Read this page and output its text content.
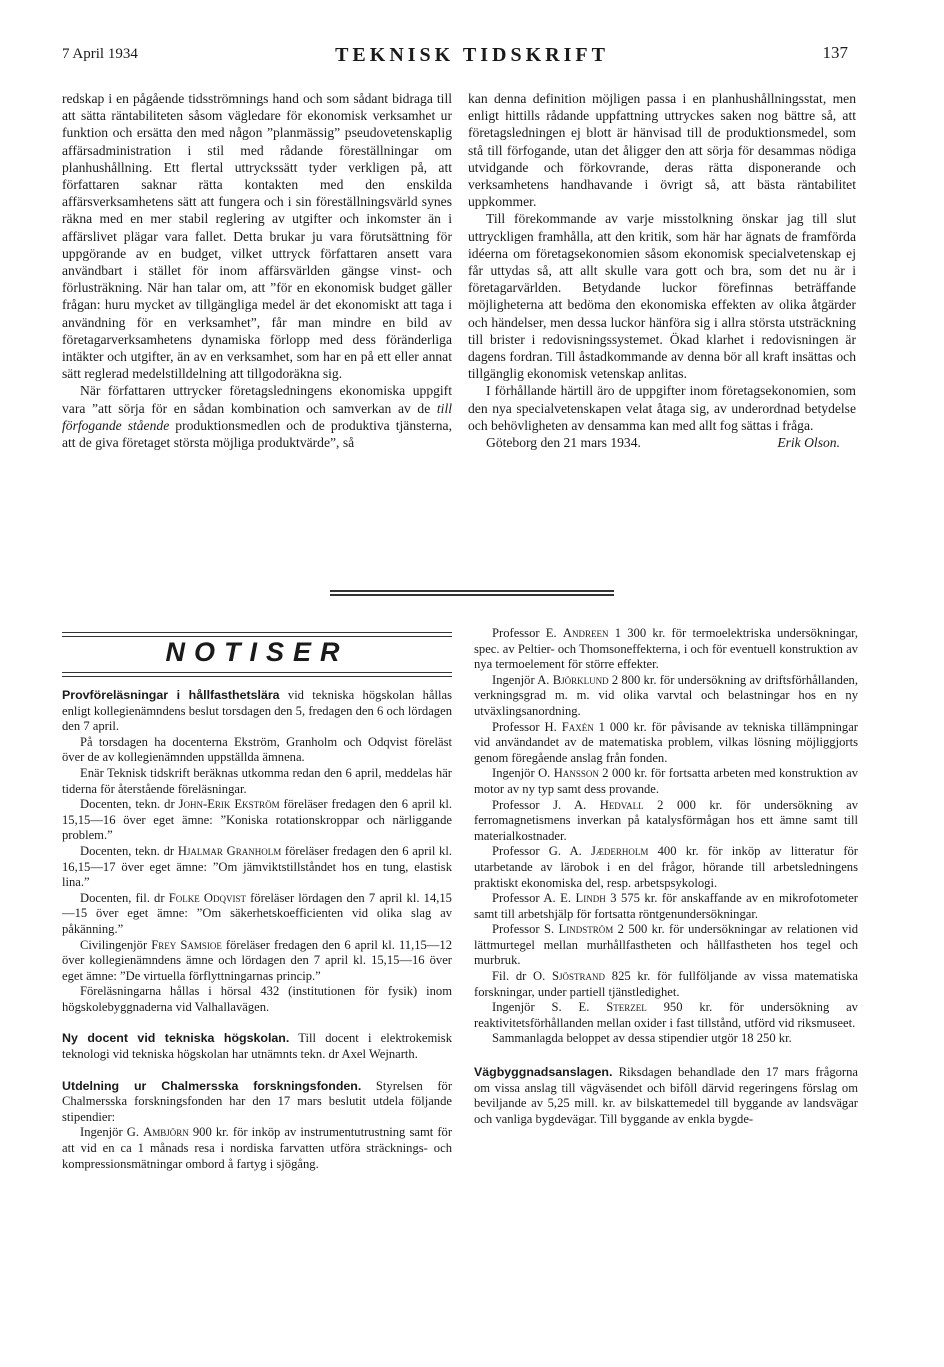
7 April 1934	TEKNISK TIDSKRIFT	137

redskap i en pågående tidsströmnings hand och som sådant bidraga till att sätta räntabiliteten såsom vägledare för ekonomisk verksamhet ur funktion och ersätta den med någon ”planmässig” pseudovetenskaplig affärsadministration i stil med rådande föreställningar om planhushållning. Ett flertal uttryckssätt tyder verkligen på, att författaren saknar rätta kontakten med den enskilda affärsverksamhetens sätt att fungera och i sin föreställningsvärld synes räkna med en mer stabil reglering av utgifter och inkomster än i affärslivet plägar vara fallet. Detta brukar ju vara förutsättning för uppgörande av en budget, vilket uttryck författaren ansett vara användbart i stället för inom affärsvärlden gängse vinst- och förlusträkning. När han talar om, att ”för en ekonomisk budget gäller frågan: huru mycket av tillgängliga medel är det ekonomiskt att taga i användning för en verksamhet”, får man mindre en bild av företagarverksamhetens dynamiska förlopp med dess föränderliga intäkter och utgifter, än av en verksamhet, som har en på ett eller annat sätt reglerad medelstilldelning att tillgodoräkna sig.

När författaren uttrycker företagsledningens ekonomiska uppgift vara ”att sörja för en sådan kombination och samverkan av de till förfogande stående produktionsmedlen och de produktiva tjänsterna, att de giva företaget största möjliga produktvärde”, så

kan denna definition möjligen passa i en planhushållningsstat, men enligt hittills rådande uppfattning uttryckes saken nog bättre så, att företagsledningen ej blott är hänvisad till de produktionsmedel, som stå till förfogande, utan det åligger den att sörja för desammas nödiga utvidgande och förkovrande, deras rätta disponerande och verksamhetens handhavande i övrigt så, att bästa räntabilitet uppkommer.

Till förekommande av varje misstolkning önskar jag till slut uttryckligen framhålla, att den kritik, som här har ägnats de framförda idéerna om företagsekonomien såsom ekonomisk specialvetenskap ej får uttydas så, att allt skulle vara gott och bra, som det nu är i företagarvärlden. Betydande luckor förefinnas beträffande möjligheterna att bedöma den ekonomiska effekten av olika åtgärder och händelser, men dessa luckor hänföra sig i allra största utsträckning till brister i redovisningssystemet. Ökad klarhet i redovisningen är dagens fordran. Till åstadkommande av denna bör all kraft insättas och tillgänglig ekonomisk vetenskap anlitas.

I förhållande härtill äro de uppgifter inom företagsekonomien, som den nya specialvetenskapen velat åtaga sig, av underordnad betydelse och behövligheten av densamma kan med allt fog sättas i fråga.

Göteborg den 21 mars 1934.	Erik Olson.
NOTISER

Provföreläsningar i hållfasthetslära vid tekniska högskolan hållas enligt kollegienämndens beslut torsdagen den 5, fredagen den 6 och lördagen den 7 april.

På torsdagen ha docenterna Ekström, Granholm och Odqvist föreläst över de av kollegienämnden uppställda ämnena.

Enär Teknisk tidskrift beräknas utkomma redan den 6 april, meddelas här tiderna för återstående föreläsningar.

Docenten, tekn. dr John-Erik Ekström föreläser fredagen den 6 april kl. 15,15—16 över eget ämne: ”Koniska rotationskroppar och närliggande problem.”

Docenten, tekn. dr Hjalmar Granholm föreläser fredagen den 6 april kl. 16,15—17 över eget ämne: ”Om jämviktstillståndet hos en tung, elastisk lina.”

Docenten, fil. dr Folke Odqvist föreläser lördagen den 7 april kl. 14,15—15 över eget ämne: ”Om säkerhetskoefficienten vid olika slag av påkänning.”

Civilingenjör Frey Samsioe föreläser fredagen den 6 april kl. 11,15—12 över kollegienämndens ämne och lördagen den 7 april kl. 15,15—16 över eget ämne: ”De virtuella förflyttningarnas princip.”

Föreläsningarna hållas i hörsal 432 (institutionen för fysik) inom högskolebyggnaderna vid Valhallavägen.

Ny docent vid tekniska högskolan. Till docent i elektrokemisk teknologi vid tekniska högskolan har utnämnts tekn. dr Axel Wejnarth.

Utdelning ur Chalmersska forskningsfonden. Styrelsen för Chalmersska forskningsfonden har den 17 mars beslutit utdela följande stipendier:

Ingenjör G. Ambjörn 900 kr. för inköp av instrumentutrustning samt för att vid en ca 1 månads resa i nordiska farvatten utföra sträcknings- och kompressionsmätningar ombord å fartyg i sjögång.

Professor E. Andreen 1 300 kr. för termoelektriska undersökningar, spec. av Peltier- och Thomsoneffekterna, i och för eventuell konstruktion av nya termoelement för större effekter.

Ingenjör A. Björklund 2 800 kr. för undersökning av driftsförhållanden, verkningsgrad m. m. vid olika varvtal och belastningar hos en ny utväxlingsanordning.

Professor H. Faxén 1 000 kr. för påvisande av tekniska tillämpningar vid användandet av de matematiska problem, vilkas lösning möjliggjorts genom föregående anslag från fonden.

Ingenjör O. Hansson 2 000 kr. för fortsatta arbeten med konstruktion av motor av ny typ samt dess provande.

Professor J. A. Hedvall 2 000 kr. för undersökning av ferromagnetismens inverkan på katalysförmågan hos ett ämne samt till materialkostnader.

Professor G. A. Jæderholm 400 kr. för inköp av litteratur för utarbetande av lärobok i en del frågor, hörande till arbetsledningens praktiskt ekonomiska del, resp. arbetspsykologi.

Professor A. E. Lindh 3 575 kr. för anskaffande av en mikrofotometer samt till arbetshjälp för fortsatta röntgenundersökningar.

Professor S. Lindström 2 500 kr. för undersökningar av relationen vid lättmurtegel mellan murhållfastheten och hållfastheten hos tegel och murbruk.

Fil. dr O. Sjöstrand 825 kr. för fullföljande av vissa matematiska forskningar, under partiell tjänstledighet.

Ingenjör S. E. Sterzel 950 kr. för undersökning av reaktivitetsförhållanden mellan oxider i fast tillstånd, utförd vid riksmuseet.

Sammanlagda beloppet av dessa stipendier utgör 18 250 kr.

Vägbyggnadsanslagen. Riksdagen behandlade den 17 mars frågorna om vissa anslag till vägväsendet och bifôll därvid regeringens förslag om beviljande av 5,25 mill. kr. av bilskattemedel till byggande av landsvägar och vanliga bygdevägar. Till byggande av enkla bygde-
